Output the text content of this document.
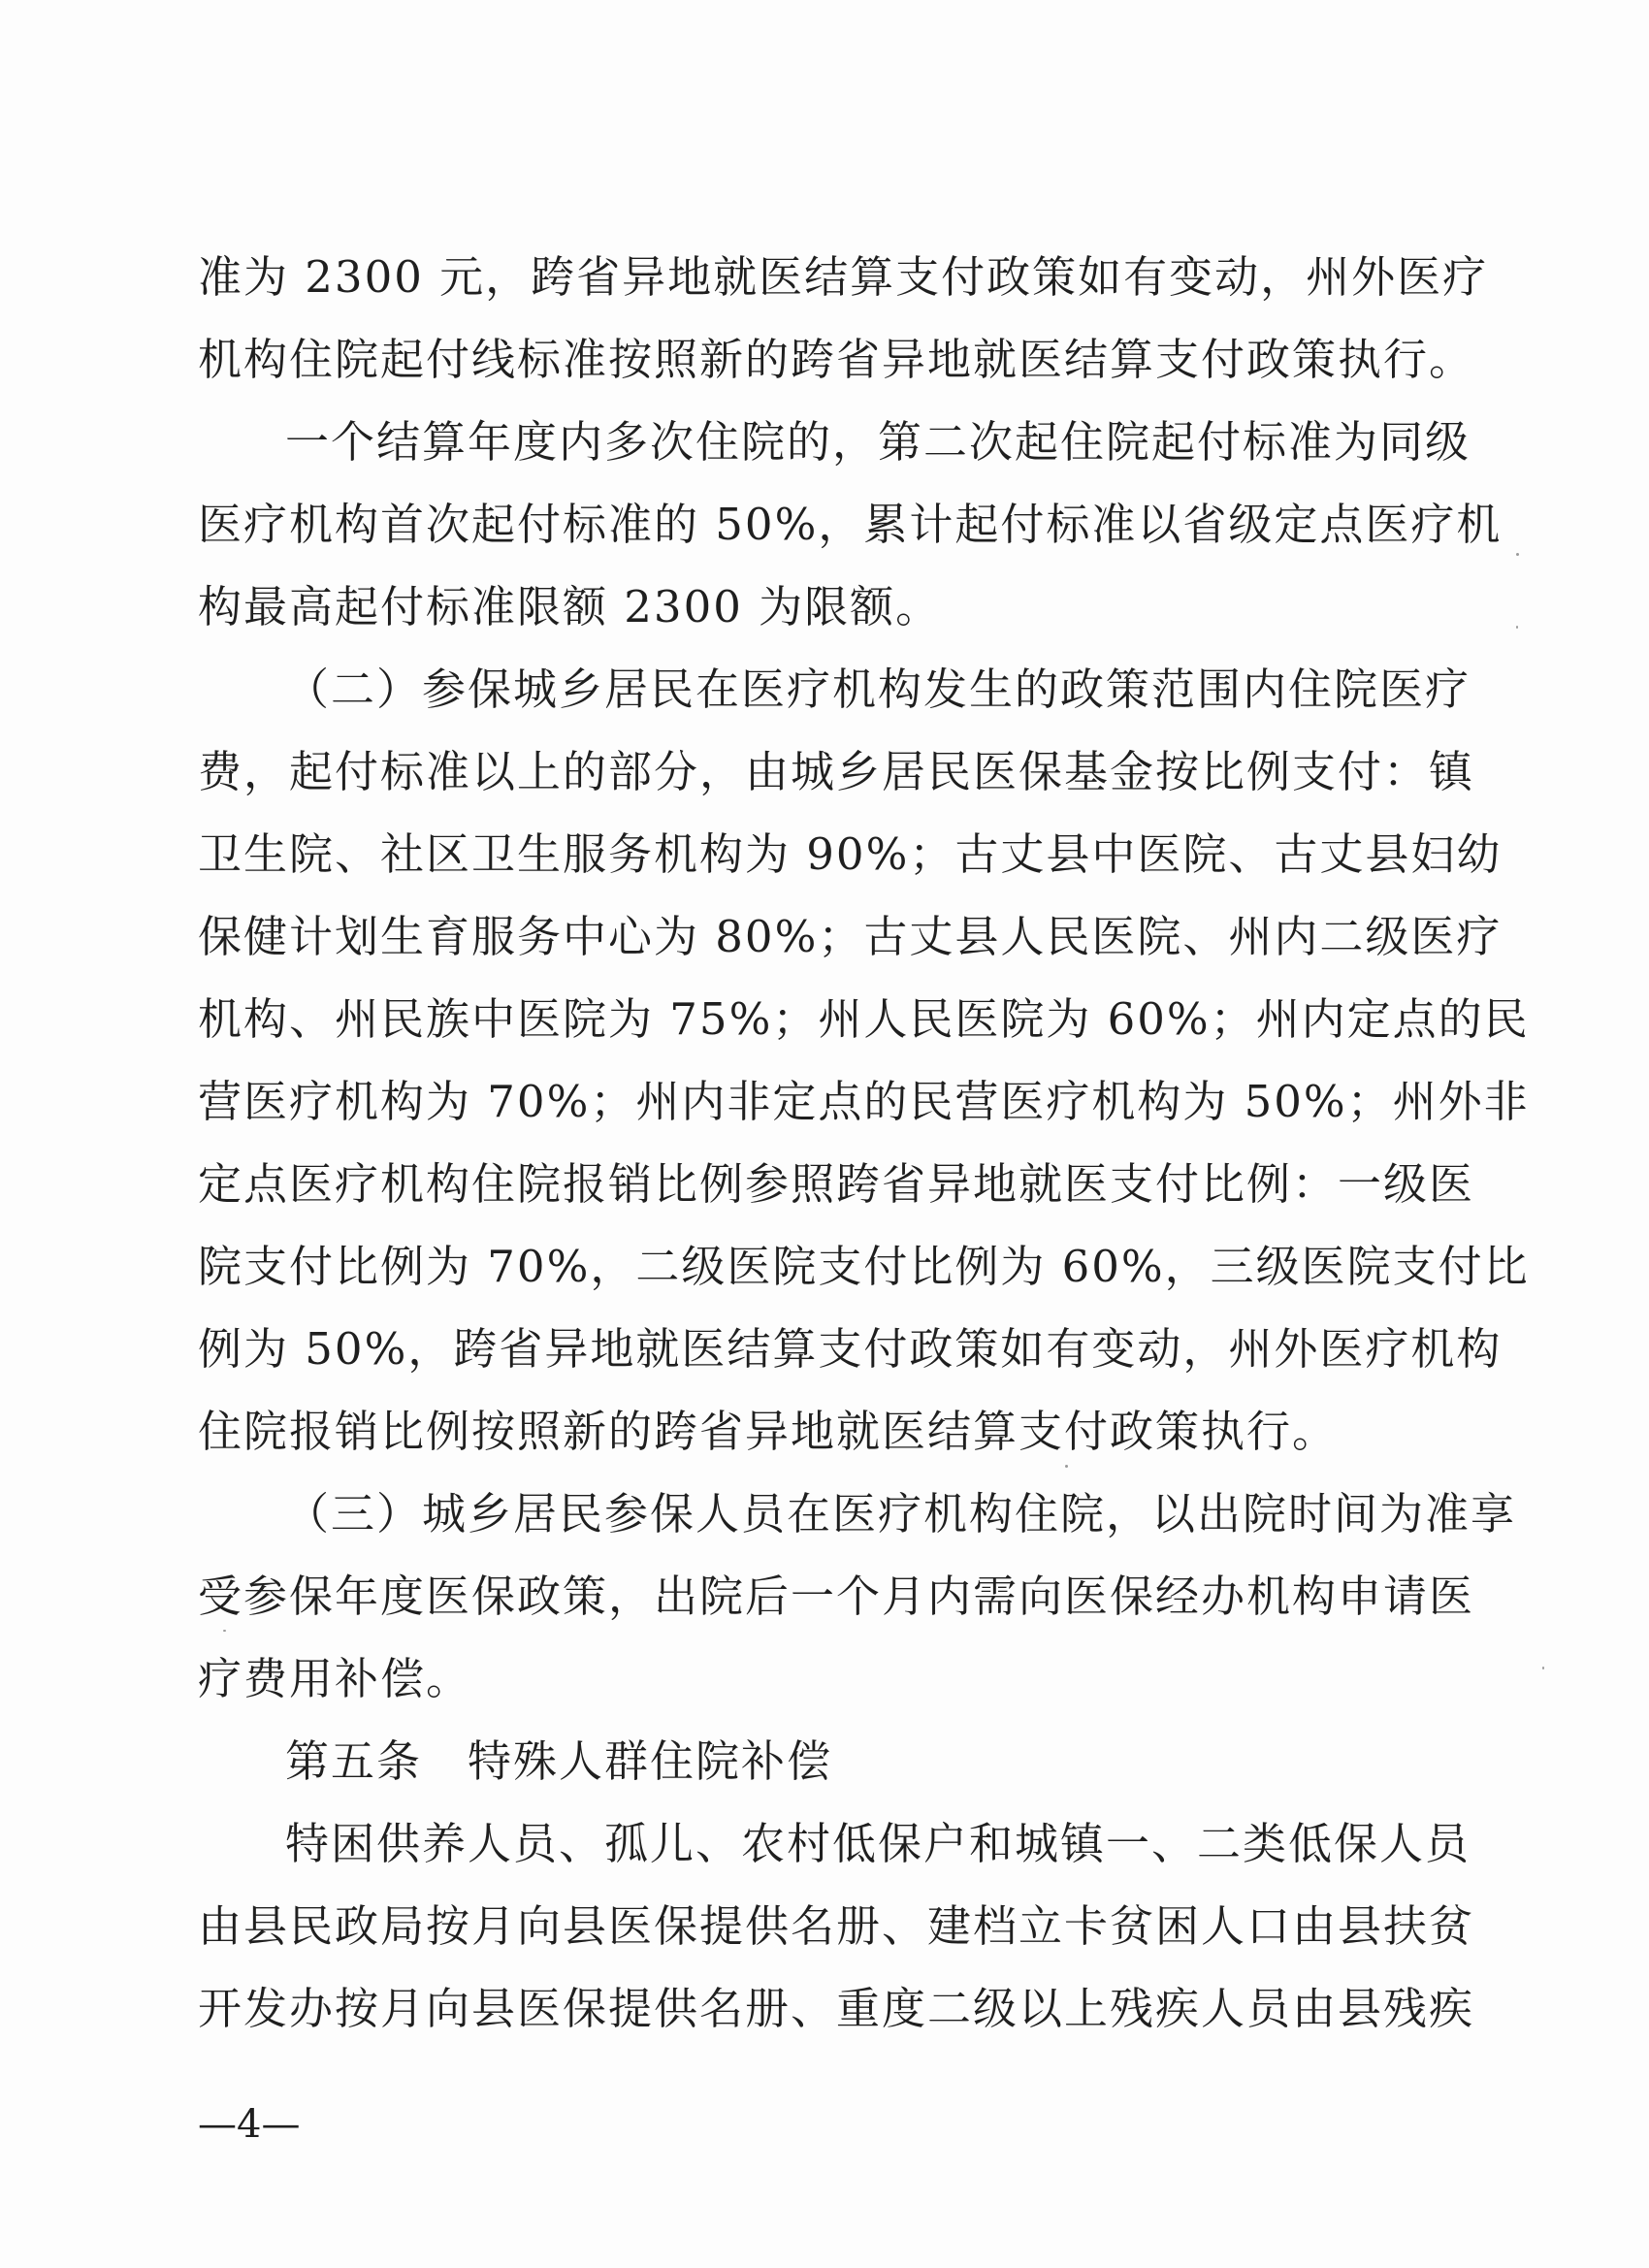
准为 2300 元，跨省异地就医结算支付政策如有变动，州外医疗
机构住院起付线标准按照新的跨省异地就医结算支付政策执行。
一个结算年度内多次住院的，第二次起住院起付标准为同级
医疗机构首次起付标准的 50%，累计起付标准以省级定点医疗机
构最高起付标准限额 2300 为限额。
（二）参保城乡居民在医疗机构发生的政策范围内住院医疗
费，起付标准以上的部分，由城乡居民医保基金按比例支付：镇
卫生院、社区卫生服务机构为 90%；古丈县中医院、古丈县妇幼
保健计划生育服务中心为 80%；古丈县人民医院、州内二级医疗
机构、州民族中医院为 75%；州人民医院为 60%；州内定点的民
营医疗机构为 70%；州内非定点的民营医疗机构为 50%；州外非
定点医疗机构住院报销比例参照跨省异地就医支付比例：一级医
院支付比例为 70%，二级医院支付比例为 60%，三级医院支付比
例为 50%，跨省异地就医结算支付政策如有变动，州外医疗机构
住院报销比例按照新的跨省异地就医结算支付政策执行。
（三）城乡居民参保人员在医疗机构住院，以出院时间为准享
受参保年度医保政策，出院后一个月内需向医保经办机构申请医
疗费用补偿。
第五条　特殊人群住院补偿
特困供养人员、孤儿、农村低保户和城镇一、二类低保人员
由县民政局按月向县医保提供名册、建档立卡贫困人口由县扶贫
开发办按月向县医保提供名册、重度二级以上残疾人员由县残疾
—4—
